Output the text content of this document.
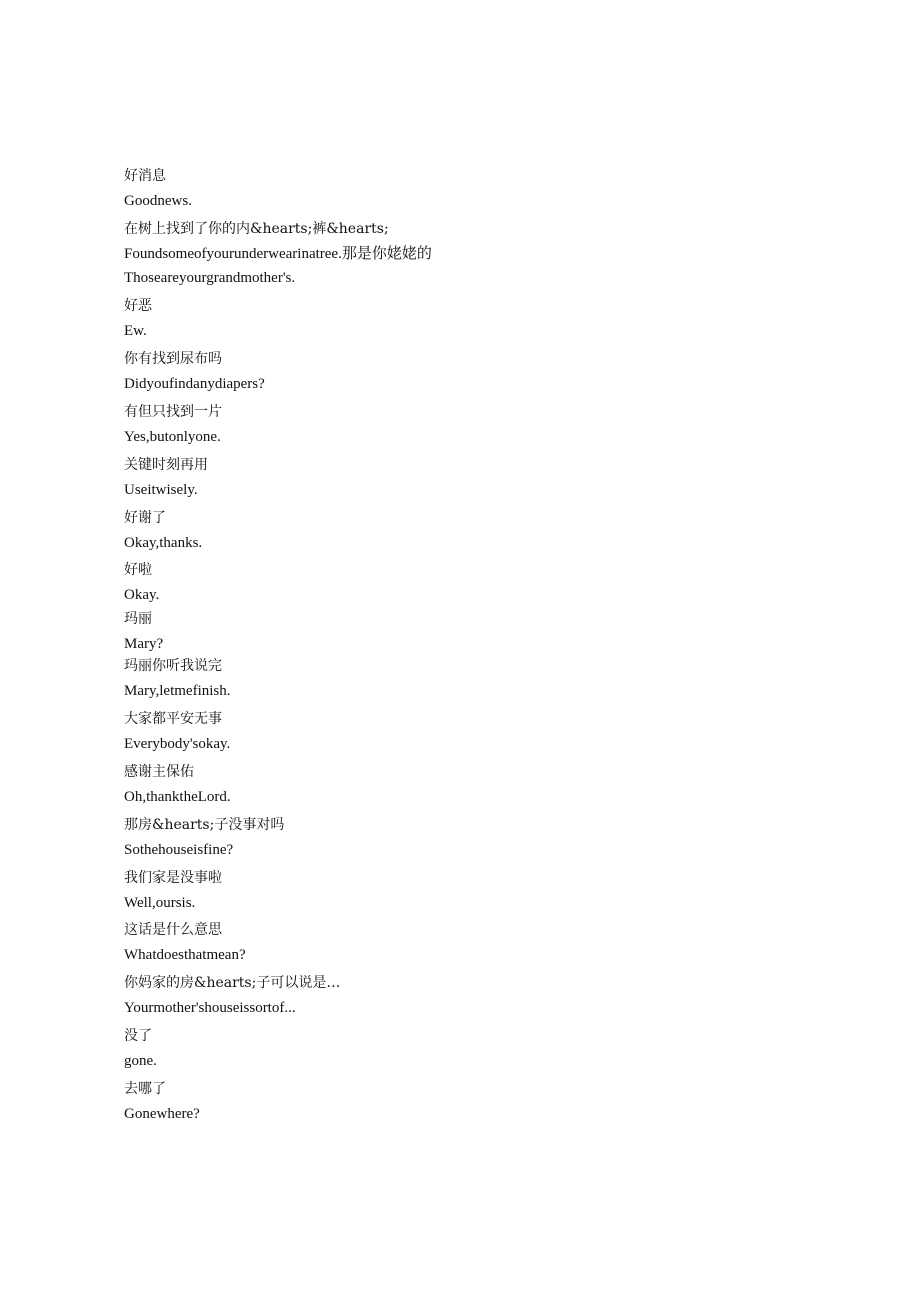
好消息
Goodnews.
在树上找到了你的内&hearts;裤&hearts;
Foundsomeofyourunderwearinatree.那是你姥姥的
Thoseareyourgrandmother's.
好恶
Ew.
你有找到尿布吗
Didyoufindanydiapers?
有但只找到一片
Yes,butonlyone.
关键时刻再用
Useitwisely.
好谢了
Okay,thanks.
好啦
Okay.
玛丽
Mary?
玛丽你听我说完
Mary,letmefinish.
大家都平安无事
Everybody'sokay.
感谢主保佑
Oh,thanktheLord.
那房&hearts;子没事对吗
Sothehouseisfine?
我们家是没事啦
Well,oursis.
这话是什么意思
Whatdoesthatmean?
你妈家的房&hearts;子可以说是…
Yourmother'shouseissortof...
没了
gone.
去哪了
Gonewhere?
